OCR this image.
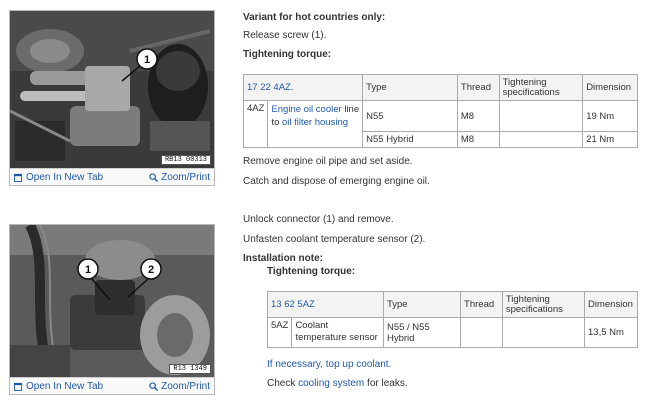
1
RB13 00313
Open In New Tab	Zoom/Print
Variant for hot countries only:
Release screw (1).
Tightening torque:
17 22 4AZ.		Type	Thread	Tightening specifications	Dimension
4AZ	Engine oil cooler line
to oil filter housing	N55	M8		19 Nm
		N55 Hybrid	M8		21 Nm
Remove engine oil pipe and set aside.
Catch and dispose of emerging engine oil.
1	2
R13 1349
Open In New Tab	Zoom/Print
Unlock connector (1) and remove.
Unfasten coolant temperature sensor (2).
Installation note:
Tightening torque:
13 62 5AZ		Type	Thread	Tightening specifications	Dimension
5AZ	Coolant temperature sensor	N55 / N55 Hybrid			13,5 Nm
If necessary, top up coolant.
Check cooling system for leaks.
